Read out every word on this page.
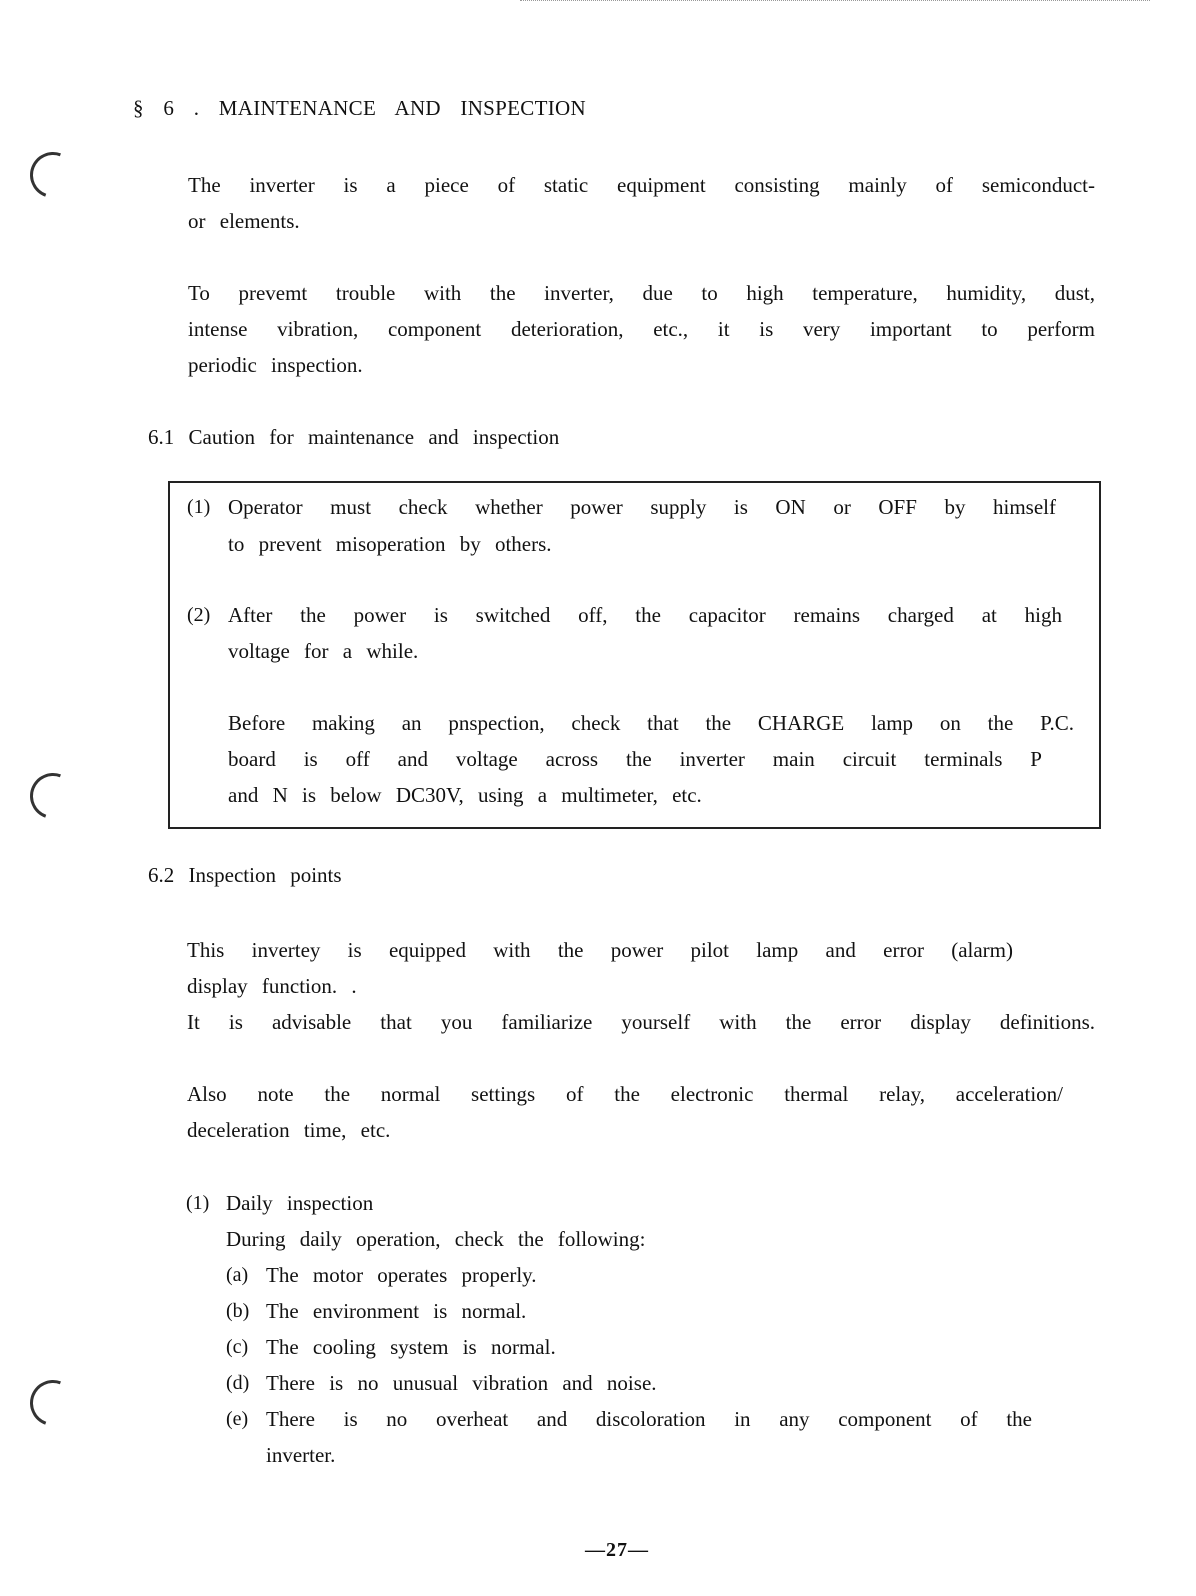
§ 6 . MAINTENANCE AND INSPECTION
The inverter is a piece of static equipment consisting mainly of semiconduct-
or elements.
To prevemt trouble with the inverter, due to high temperature, humidity, dust,
intense vibration, component deterioration, etc., it is very important to perform
periodic inspection.
6.1 Caution for maintenance and inspection
(1) Operator must check whether power supply is ON or OFF by himself
to prevent misoperation by others.
(2) After the power is switched off, the capacitor remains charged at high
voltage for a while.
Before making an pnspection, check that the CHARGE lamp on the P.C.
board is off and voltage across the inverter main circuit terminals P
and N is below DC30V, using a multimeter, etc.
6.2 Inspection points
This invertey is equipped with the power pilot lamp and error (alarm)
display function. .
It is advisable that you familiarize yourself with the error display definitions.
Also note the normal settings of the electronic thermal relay, acceleration/
deceleration time, etc.
(1) Daily inspection
During daily operation, check the following:
(a) The motor operates properly.
(b) The environment is normal.
(c) The cooling system is normal.
(d) There is no unusual vibration and noise.
(e) There is no overheat and discoloration in any component of the
inverter.
—27—
